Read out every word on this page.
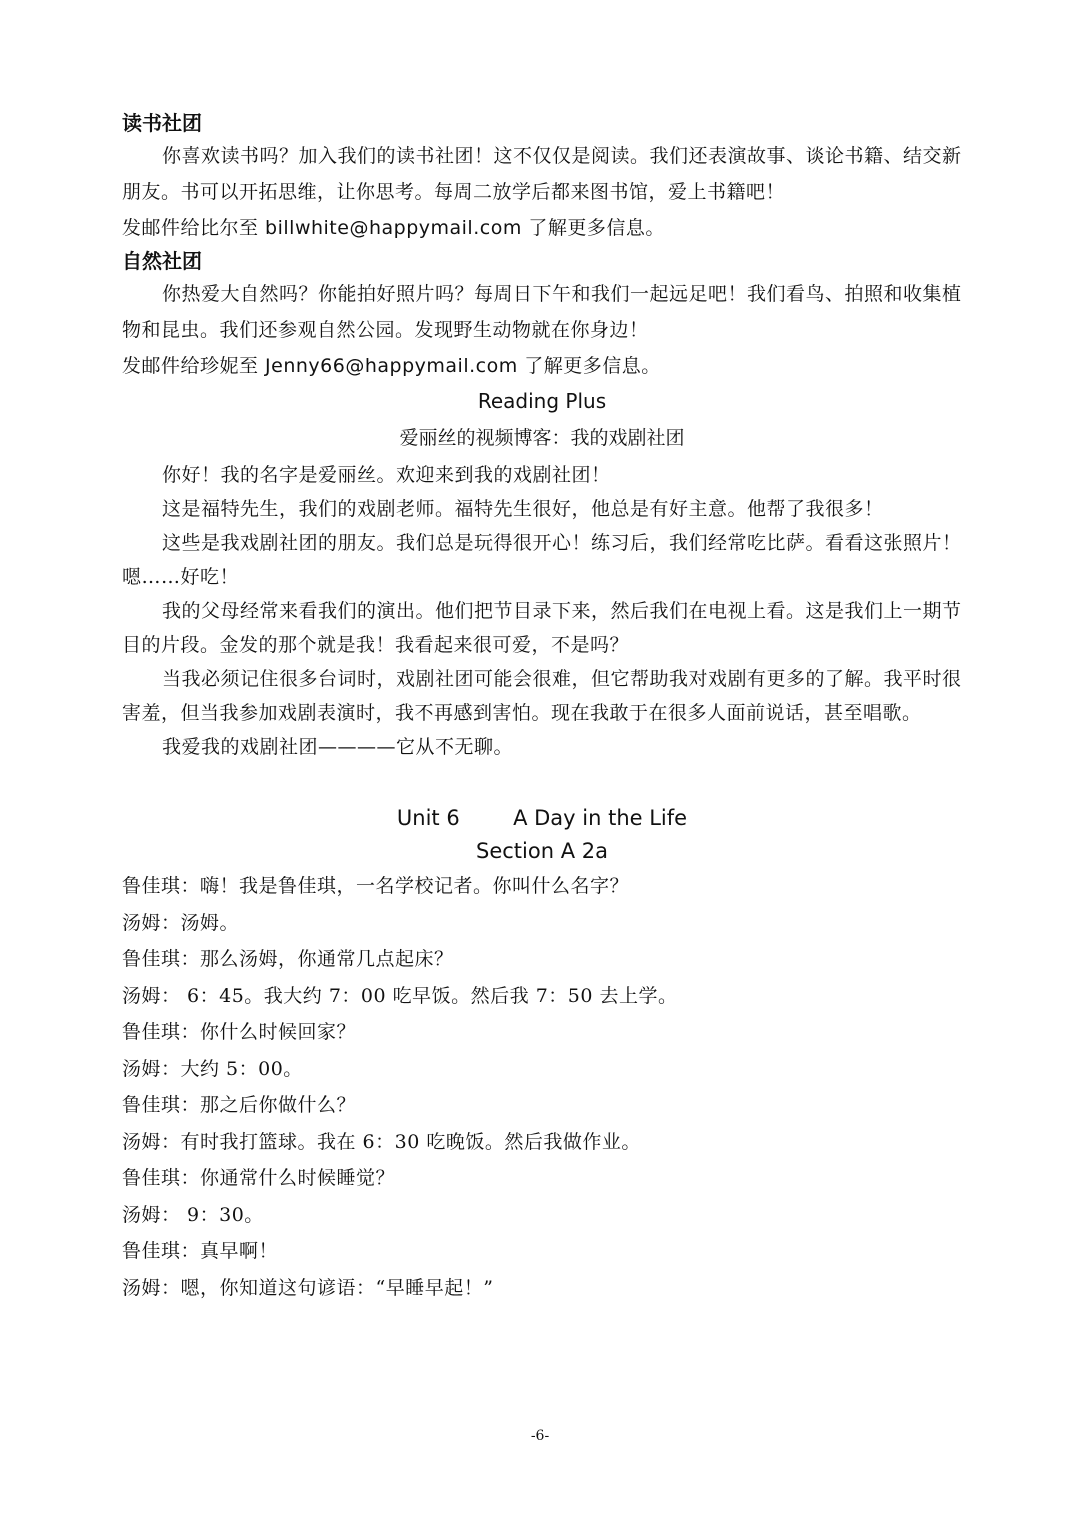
读书社团

你喜欢读书吗？加入我们的读书社团！这不仅仅是阅读。我们还表演故事、谈论书籍、结交新朋友。书可以开拓思维，让你思考。每周二放学后都来图书馆，爱上书籍吧！

发邮件给比尔至 billwhite@happymail.com 了解更多信息。

自然社团

你热爱大自然吗？你能拍好照片吗？每周日下午和我们一起远足吧！我们看鸟、拍照和收集植物和昆虫。我们还参观自然公园。发现野生动物就在你身边！

发邮件给珍妮至 Jenny66@happymail.com 了解更多信息。

Reading Plus

爱丽丝的视频博客：我的戏剧社团

你好！我的名字是爱丽丝。欢迎来到我的戏剧社团！

这是福特先生，我们的戏剧老师。福特先生很好，他总是有好主意。他帮了我很多！

这些是我戏剧社团的朋友。我们总是玩得很开心！练习后，我们经常吃比萨。看看这张照片！嗯……好吃！

我的父母经常来看我们的演出。他们把节目录下来，然后我们在电视上看。这是我们上一期节目的片段。金发的那个就是我！我看起来很可爱，不是吗？

当我必须记住很多台词时，戏剧社团可能会很难，但它帮助我对戏剧有更多的了解。我平时很害羞，但当我参加戏剧表演时，我不再感到害怕。现在我敢于在很多人面前说话，甚至唱歌。

我爱我的戏剧社团————它从不无聊。

Unit 6        A Day in the Life

Section A 2a

鲁佳琪：嗨！我是鲁佳琪，一名学校记者。你叫什么名字？

汤姆：汤姆。

鲁佳琪：那么汤姆，你通常几点起床？

汤姆： 6：45。我大约 7：00 吃早饭。然后我 7：50 去上学。

鲁佳琪：你什么时候回家？

汤姆：大约 5：00。

鲁佳琪：那之后你做什么？

汤姆：有时我打篮球。我在 6：30 吃晚饭。然后我做作业。

鲁佳琪：你通常什么时候睡觉？

汤姆： 9：30。

鲁佳琪：真早啊！

汤姆：嗯，你知道这句谚语：“早睡早起！”

-6-
